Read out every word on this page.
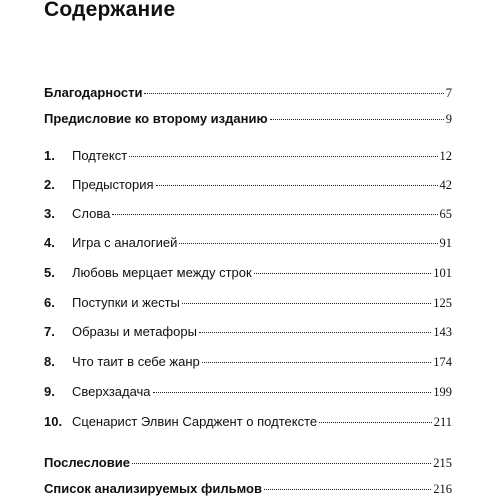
Содержание
Благодарности	7
Предисловие ко второму изданию	9
1.	Подтекст	12
2.	Предыстория	42
3.	Слова	65
4.	Игра с аналогией	91
5.	Любовь мерцает между строк	101
6.	Поступки и жесты	125
7.	Образы и метафоры	143
8.	Что таит в себе жанр	174
9.	Сверхзадача	199
10. Сценарист Элвин Сарджент о подтексте	211
Послесловие	215
Список анализируемых фильмов	216
